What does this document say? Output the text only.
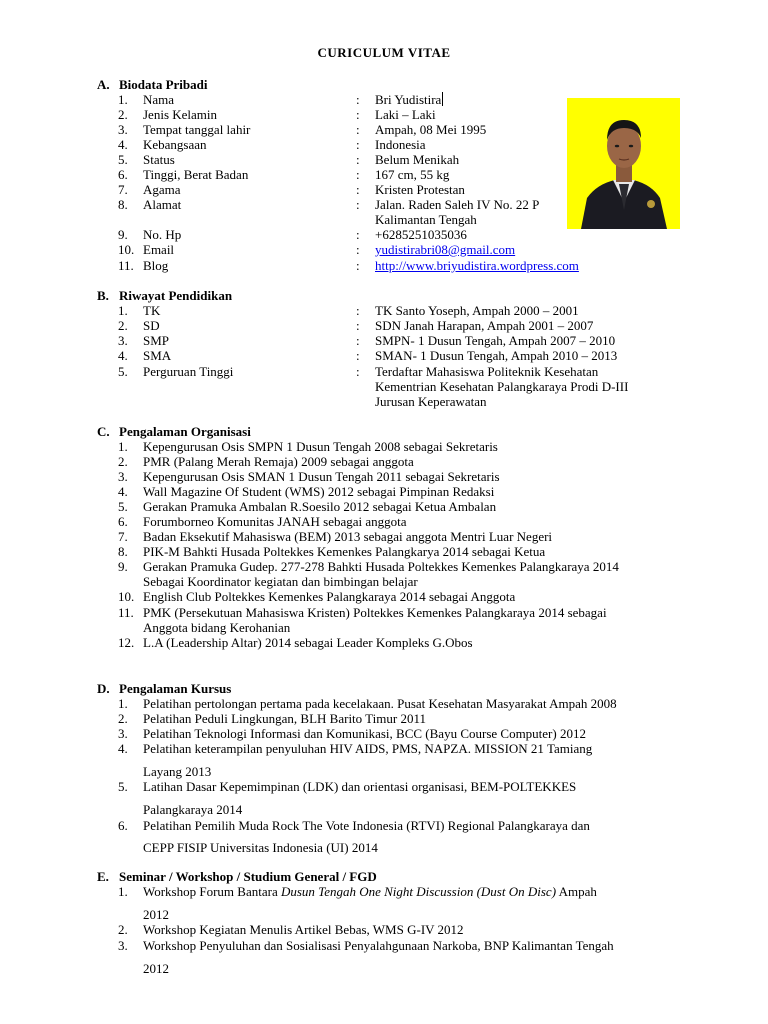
CURICULUM VITAE
A. Biodata Pribadi
1.	Nama	: Bri Yudistira
2.	Jenis Kelamin	: Laki – Laki
3.	Tempat tanggal lahir	: Ampah, 08 Mei 1995
4.	Kebangsaan	: Indonesia
5.	Status	: Belum Menikah
6.	Tinggi, Berat Badan	: 167 cm, 55 kg
7.	Agama	: Kristen Protestan
8.	Alamat	: Jalan. Raden Saleh IV No. 22 P
Kalimantan Tengah
9.	No. Hp	: +6285251035036
10. Email	: yudistirabri08@gmail.com
11. Blog	: http://www.briyudistira.wordpress.com
B. Riwayat Pendidikan
1.	TK	: TK Santo Yoseph, Ampah 2000 – 2001
2.	SD	: SDN Janah Harapan, Ampah 2001 – 2007
3.	SMP	: SMPN- 1 Dusun Tengah, Ampah 2007 – 2010
4.	SMA	: SMAN- 1 Dusun Tengah, Ampah 2010 – 2013
5.	Perguruan Tinggi	: Terdaftar Mahasiswa Politeknik Kesehatan
Kementrian Kesehatan Palangkaraya Prodi D-III
Jurusan Keperawatan
C. Pengalaman Organisasi
1.	Kepengurusan Osis SMPN 1 Dusun Tengah 2008 sebagai Sekretaris
2.	PMR (Palang Merah Remaja) 2009 sebagai anggota
3.	Kepengurusan Osis SMAN 1 Dusun Tengah 2011 sebagai Sekretaris
4.	Wall Magazine Of Student (WMS) 2012 sebagai Pimpinan Redaksi
5.	Gerakan Pramuka Ambalan R.Soesilo 2012 sebagai Ketua Ambalan
6.	Forumborneo Komunitas JANAH sebagai anggota
7.	Badan Eksekutif Mahasiswa (BEM) 2013 sebagai anggota Mentri Luar Negeri
8.	PIK-M Bahkti Husada Poltekkes Kemenkes Palangkarya 2014 sebagai Ketua
9.	Gerakan Pramuka Gudep. 277-278 Bahkti Husada Poltekkes Kemenkes Palangkaraya 2014
Sebagai Koordinator kegiatan dan bimbingan belajar
10. English Club Poltekkes Kemenkes Palangkaraya 2014 sebagai Anggota
11. PMK (Persekutuan Mahasiswa Kristen) Poltekkes Kemenkes Palangkaraya 2014 sebagai
Anggota bidang Kerohanian
12. L.A (Leadership Altar) 2014 sebagai Leader Kompleks G.Obos
D. Pengalaman Kursus
1.	Pelatihan pertolongan pertama pada kecelakaan. Pusat Kesehatan Masyarakat Ampah 2008
2.	Pelatihan Peduli Lingkungan, BLH Barito Timur 2011
3.	Pelatihan Teknologi Informasi dan Komunikasi, BCC (Bayu Course Computer) 2012
4.	Pelatihan keterampilan penyuluhan HIV AIDS, PMS, NAPZA. MISSION 21 Tamiang
Layang 2013
5.	Latihan Dasar Kepemimpinan (LDK) dan orientasi organisasi, BEM-POLTEKKES
Palangkaraya 2014
6.	Pelatihan Pemilih Muda Rock The Vote Indonesia (RTVI) Regional Palangkaraya dan
CEPP FISIP Universitas Indonesia (UI) 2014
E. Seminar / Workshop / Studium General / FGD
1.	Workshop Forum Bantara Dusun Tengah One Night Discussion (Dust On Disc) Ampah
2012
2.	Workshop Kegiatan Menulis Artikel Bebas, WMS G-IV 2012
3.	Workshop Penyuluhan dan Sosialisasi Penyalahgunaan Narkoba, BNP Kalimantan Tengah
2012
